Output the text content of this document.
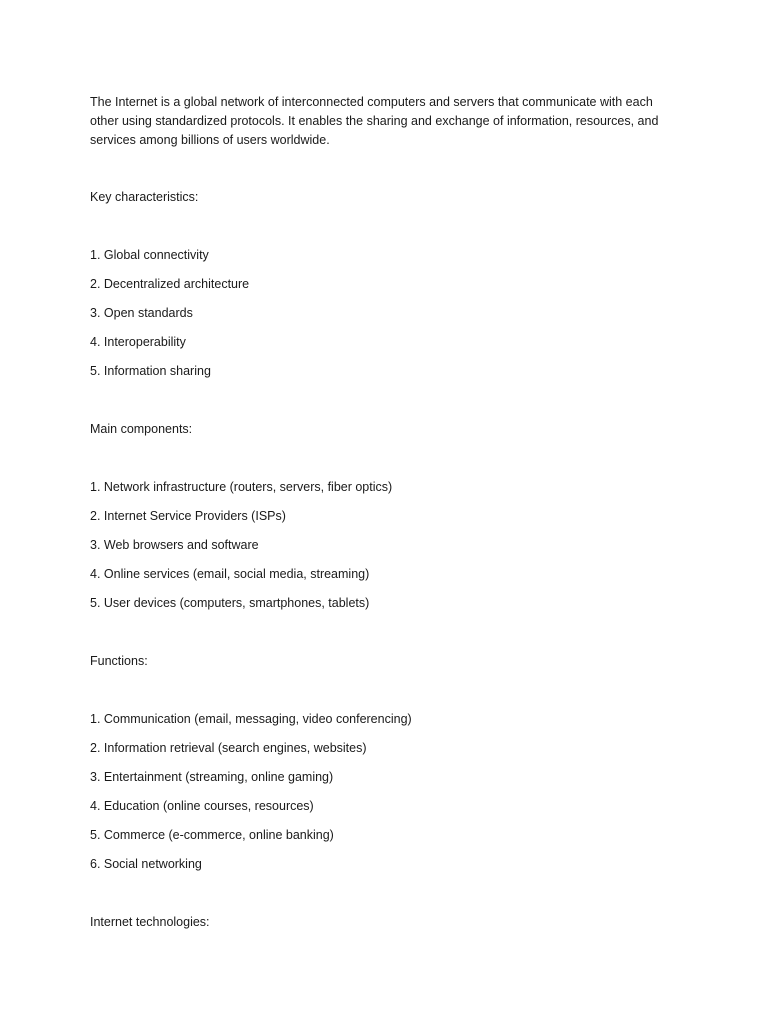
The Internet is a global network of interconnected computers and servers that communicate with each other using standardized protocols. It enables the sharing and exchange of information, resources, and services among billions of users worldwide.

Key characteristics:

1. Global connectivity
2. Decentralized architecture
3. Open standards
4. Interoperability
5. Information sharing

Main components:

1. Network infrastructure (routers, servers, fiber optics)
2. Internet Service Providers (ISPs)
3. Web browsers and software
4. Online services (email, social media, streaming)
5. User devices (computers, smartphones, tablets)

Functions:

1. Communication (email, messaging, video conferencing)
2. Information retrieval (search engines, websites)
3. Entertainment (streaming, online gaming)
4. Education (online courses, resources)
5. Commerce (e-commerce, online banking)
6. Social networking

Internet technologies:
